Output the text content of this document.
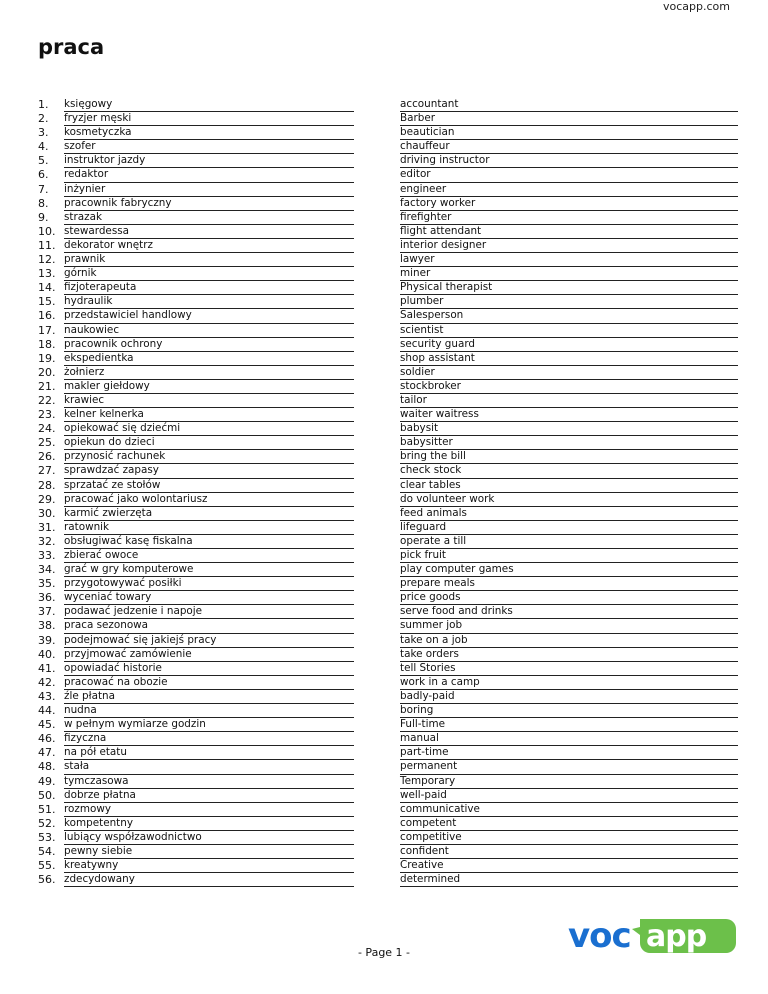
vocapp.com
praca
1.	księgowy	accountant
2.	fryzjer męski	Barber
3.	kosmetyczka	beautician
4.	szofer	chauffeur
5.	instruktor jazdy	driving instructor
6.	redaktor	editor
7.	inżynier	engineer
8.	pracownik fabryczny	factory worker
9.	strazak	firefighter
10. stewardessa	flight attendant
11. dekorator wnętrz	interior designer
12. prawnik	lawyer
13. górnik	miner
14. fizjoterapeuta	Physical therapist
15. hydraulik	plumber
16. przedstawiciel handlowy	Salesperson
17. naukowiec	scientist
18. pracownik ochrony	security guard
19. ekspedientka	shop assistant
20. żołnierz	soldier
21. makler giełdowy	stockbroker
22. krawiec	tailor
23. kelner kelnerka	waiter waitress
24. opiekować się dziećmi	babysit
25. opiekun do dzieci	babysitter
26. przynosić rachunek	bring the bill
27. sprawdzać zapasy	check stock
28. sprzatać ze stołów	clear tables
29. pracować jako wolontariusz	do volunteer work
30. karmić zwierzęta	feed animals
31. ratownik	lifeguard
32. obsługiwać kasę fiskalna	operate a till
33. zbierać owoce	pick fruit
34. grać w gry komputerowe	play computer games
35. przygotowywać posiłki	prepare meals
36. wyceniać towary	price goods
37. podawać jedzenie i napoje	serve food and drinks
38. praca sezonowa	summer job
39. podejmować się jakiejś pracy	take on a job
40. przyjmować zamówienie	take orders
41. opowiadać historie	tell Stories
42. pracować na obozie	work in a camp
43. źle płatna	badly-paid
44. nudna	boring
45. w pełnym wymiarze godzin	Full-time
46. fizyczna	manual
47. na pół etatu	part-time
48. stała	permanent
49. tymczasowa	Temporary
50. dobrze płatna	well-paid
51. rozmowy	communicative
52. kompetentny	competent
53. lubiący współzawodnictwo	competitive
54. pewny siebie	confident
55. kreatywny	Creative
56. zdecydowany	determined
- Page 1 -	voc app
